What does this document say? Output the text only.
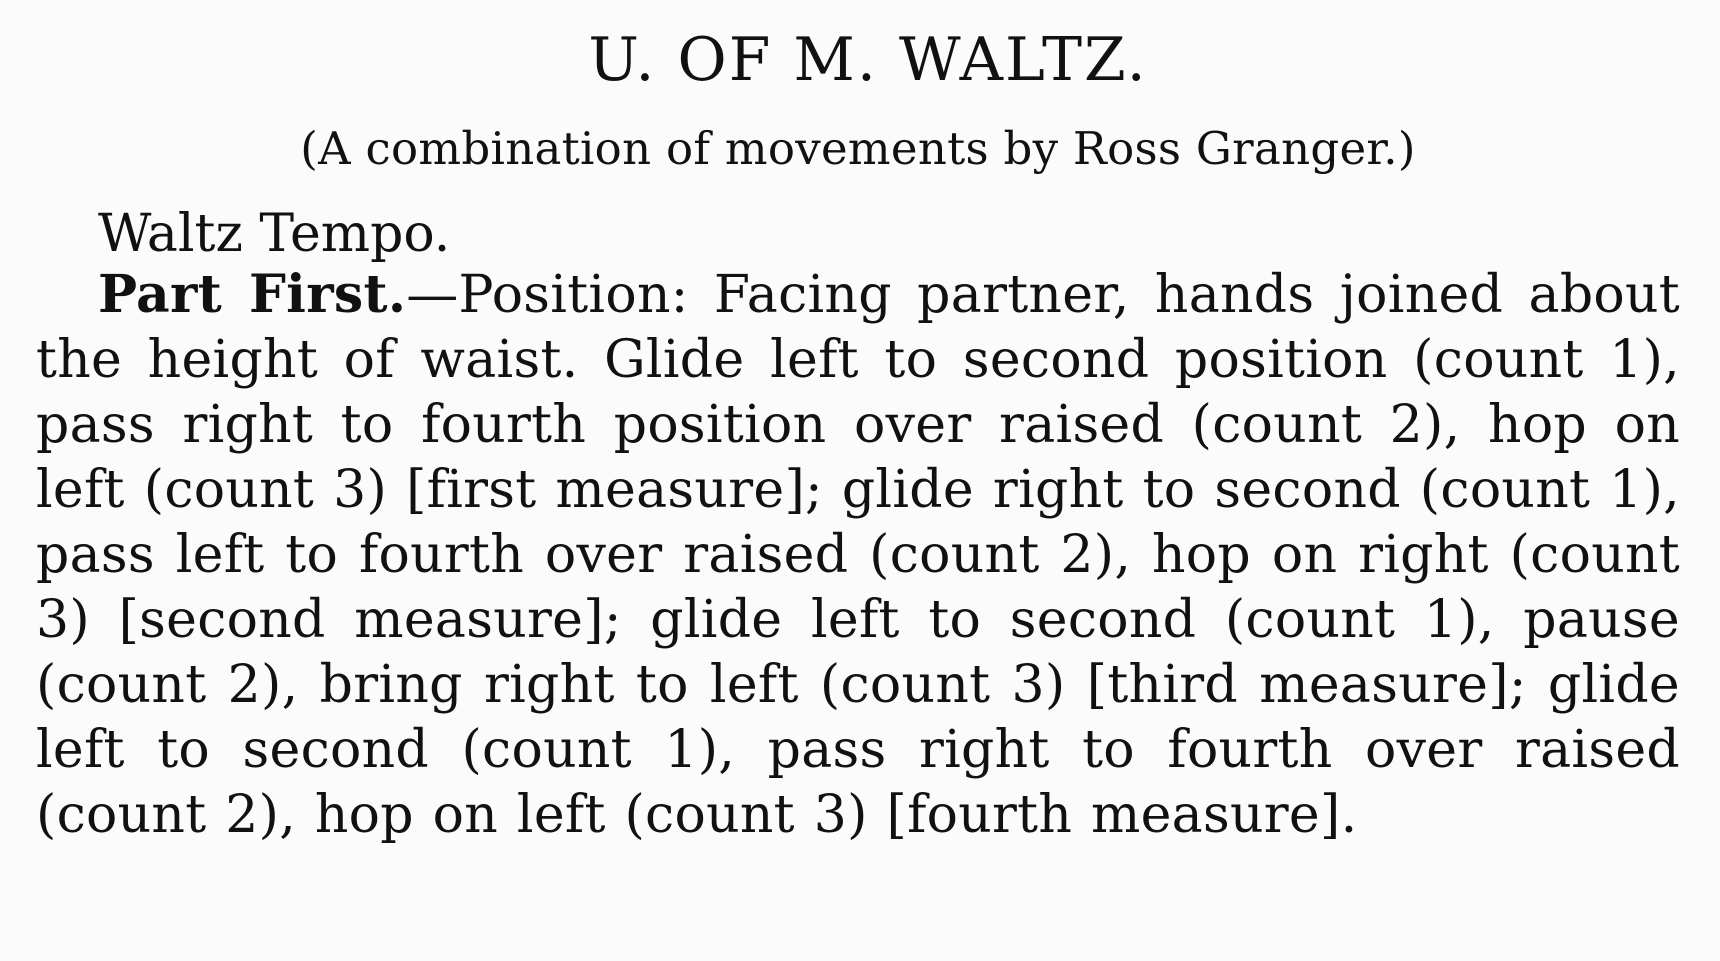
U. OF M. WALTZ.

(A combination of movements by Ross Granger.)

Waltz Tempo.

Part First.—Position: Facing partner, hands joined about the height of waist. Glide left to second position (count 1), pass right to fourth position over raised (count 2), hop on left (count 3) [first measure]; glide right to second (count 1), pass left to fourth over raised (count 2), hop on right (count 3) [second measure]; glide left to second (count 1), pause (count 2), bring right to left (count 3) [third measure]; glide left to second (count 1), pass right to fourth over raised (count 2), hop on left (count 3) [fourth measure].
